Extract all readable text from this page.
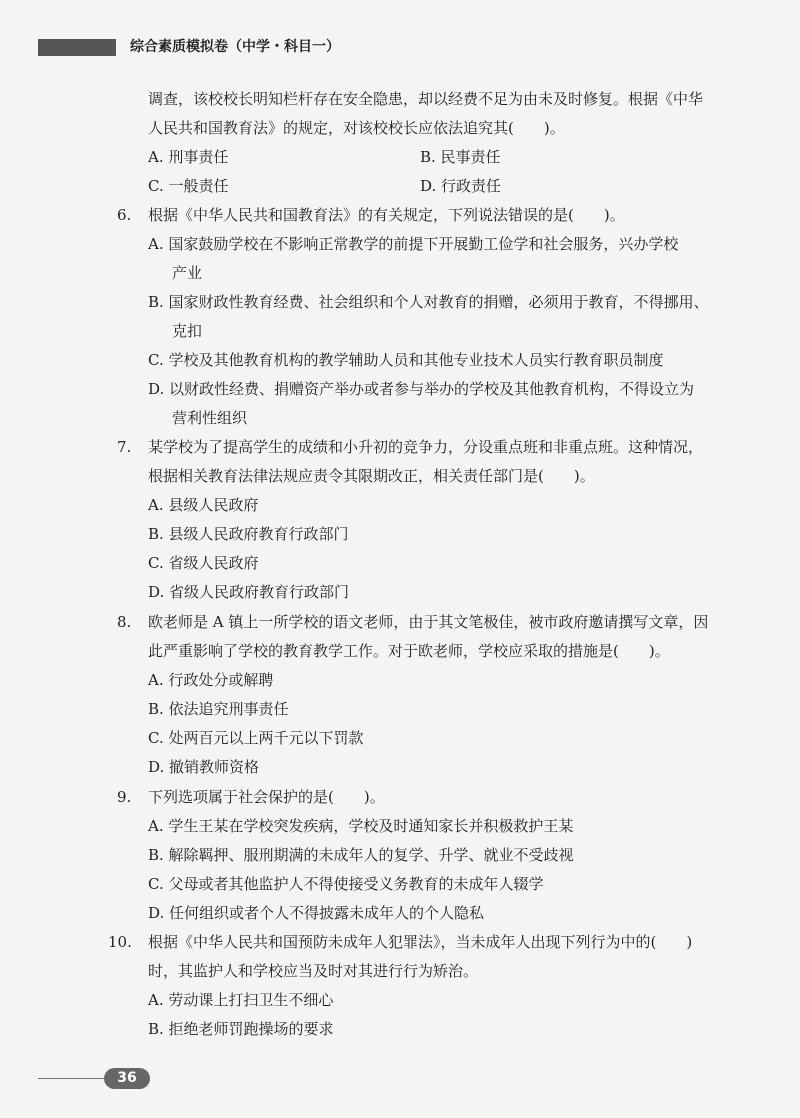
综合素质模拟卷（中学・科目一）
调查，该校校长明知栏杆存在安全隐患，却以经费不足为由未及时修复。根据《中华
人民共和国教育法》的规定，对该校校长应依法追究其(　　)。
A. 刑事责任	B. 民事责任
C. 一般责任	D. 行政责任
6. 根据《中华人民共和国教育法》的有关规定，下列说法错误的是(　　)。
A. 国家鼓励学校在不影响正常教学的前提下开展勤工俭学和社会服务，兴办学校
产业
B. 国家财政性教育经费、社会组织和个人对教育的捐赠，必须用于教育，不得挪用、
克扣
C. 学校及其他教育机构的教学辅助人员和其他专业技术人员实行教育职员制度
D. 以财政性经费、捐赠资产举办或者参与举办的学校及其他教育机构，不得设立为
营利性组织
7. 某学校为了提高学生的成绩和小升初的竞争力，分设重点班和非重点班。这种情况，
根据相关教育法律法规应责令其限期改正，相关责任部门是(　　)。
A. 县级人民政府
B. 县级人民政府教育行政部门
C. 省级人民政府
D. 省级人民政府教育行政部门
8. 欧老师是 A 镇上一所学校的语文老师，由于其文笔极佳，被市政府邀请撰写文章，因
此严重影响了学校的教育教学工作。对于欧老师，学校应采取的措施是(　　)。
A. 行政处分或解聘
B. 依法追究刑事责任
C. 处两百元以上两千元以下罚款
D. 撤销教师资格
9. 下列选项属于社会保护的是(　　)。
A. 学生王某在学校突发疾病，学校及时通知家长并积极救护王某
B. 解除羁押、服刑期满的未成年人的复学、升学、就业不受歧视
C. 父母或者其他监护人不得使接受义务教育的未成年人辍学
D. 任何组织或者个人不得披露未成年人的个人隐私
10. 根据《中华人民共和国预防未成年人犯罪法》，当未成年人出现下列行为中的(　　)
时，其监护人和学校应当及时对其进行行为矫治。
A. 劳动课上打扫卫生不细心
B. 拒绝老师罚跑操场的要求
36
